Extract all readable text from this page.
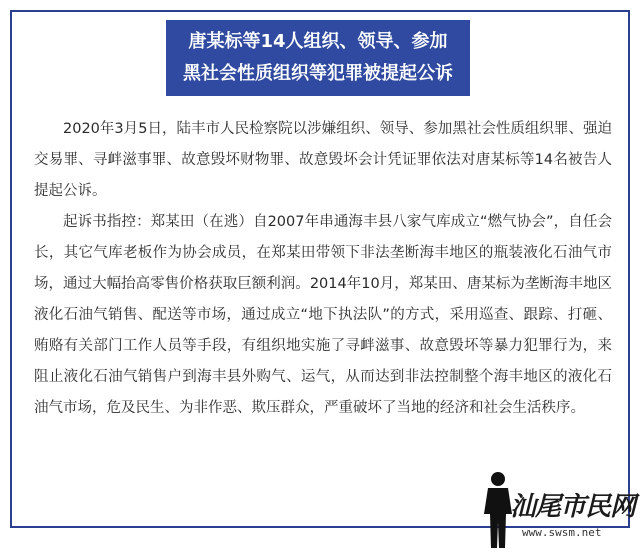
唐某标等14人组织、领导、参加
黑社会性质组织等犯罪被提起公诉

2020年3月5日，陆丰市人民检察院以涉嫌组织、领导、参加黑社会性质组织罪、强迫交易罪、寻衅滋事罪、故意毁坏财物罪、故意毁坏会计凭证罪依法对唐某标等14名被告人提起公诉。

起诉书指控：郑某田（在逃）自2007年串通海丰县八家气库成立“燃气协会”，自任会长，其它气库老板作为协会成员，在郑某田带领下非法垄断海丰地区的瓶装液化石油气市场，通过大幅抬高零售价格获取巨额利润。2014年10月，郑某田、唐某标为垄断海丰地区液化石油气销售、配送等市场，通过成立“地下执法队”的方式，采用巡查、跟踪、打砸、贿赂有关部门工作人员等手段，有组织地实施了寻衅滋事、故意毁坏等暴力犯罪行为，来阻止液化石油气销售户到海丰县外购气、运气，从而达到非法控制整个海丰地区的液化石油气市场，危及民生、为非作恶、欺压群众，严重破坏了当地的经济和社会生活秩序。

汕尾市民网
www.swsm.net
